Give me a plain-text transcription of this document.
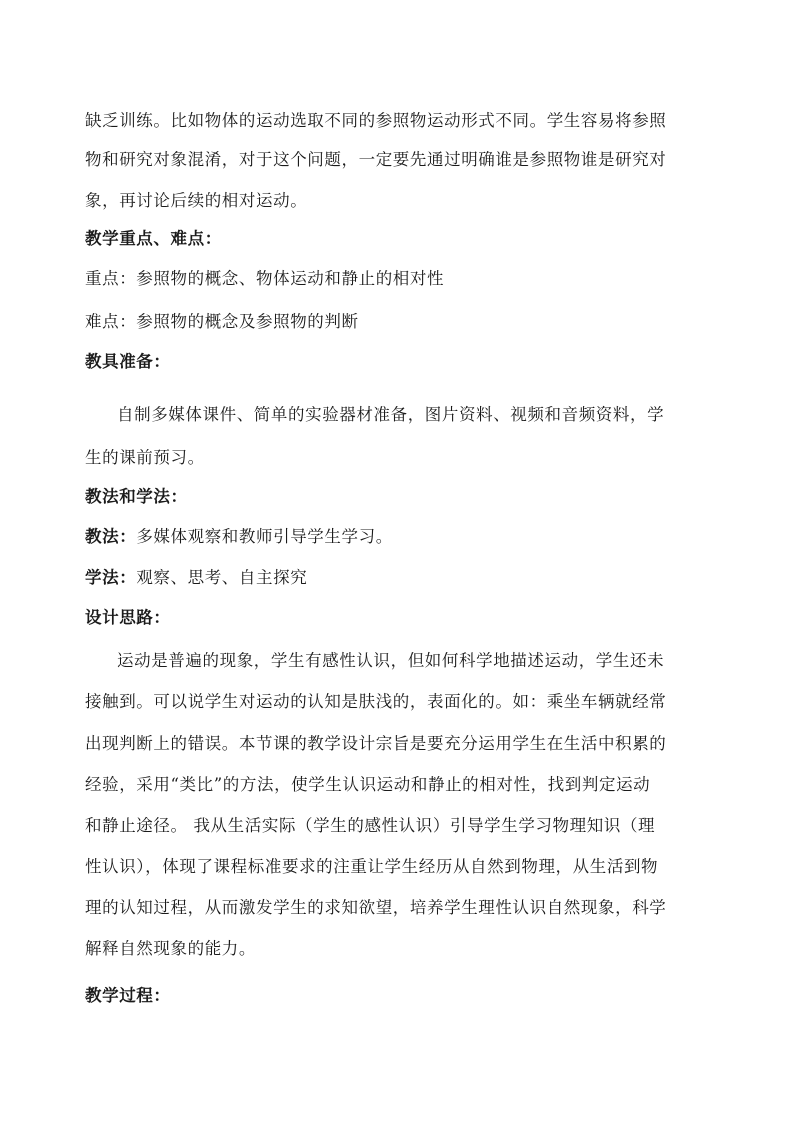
缺乏训练。比如物体的运动选取不同的参照物运动形式不同。学生容易将参照
物和研究对象混淆，对于这个问题，一定要先通过明确谁是参照物谁是研究对
象，再讨论后续的相对运动。
教学重点、难点：
重点：参照物的概念、物体运动和静止的相对性
难点：参照物的概念及参照物的判断
教具准备：
自制多媒体课件、简单的实验器材准备，图片资料、视频和音频资料，学
生的课前预习。
教法和学法：
教法：多媒体观察和教师引导学生学习。
学法：观察、思考、自主探究
设计思路：
运动是普遍的现象，学生有感性认识，但如何科学地描述运动，学生还未
接触到。可以说学生对运动的认知是肤浅的，表面化的。如：乘坐车辆就经常
出现判断上的错误。本节课的教学设计宗旨是要充分运用学生在生活中积累的
经验，采用“类比”的方法，使学生认识运动和静止的相对性，找到判定运动
和静止途径。 我从生活实际（学生的感性认识）引导学生学习物理知识（理
性认识），体现了课程标准要求的注重让学生经历从自然到物理，从生活到物
理的认知过程，从而激发学生的求知欲望，培养学生理性认识自然现象，科学
解释自然现象的能力。
教学过程：
